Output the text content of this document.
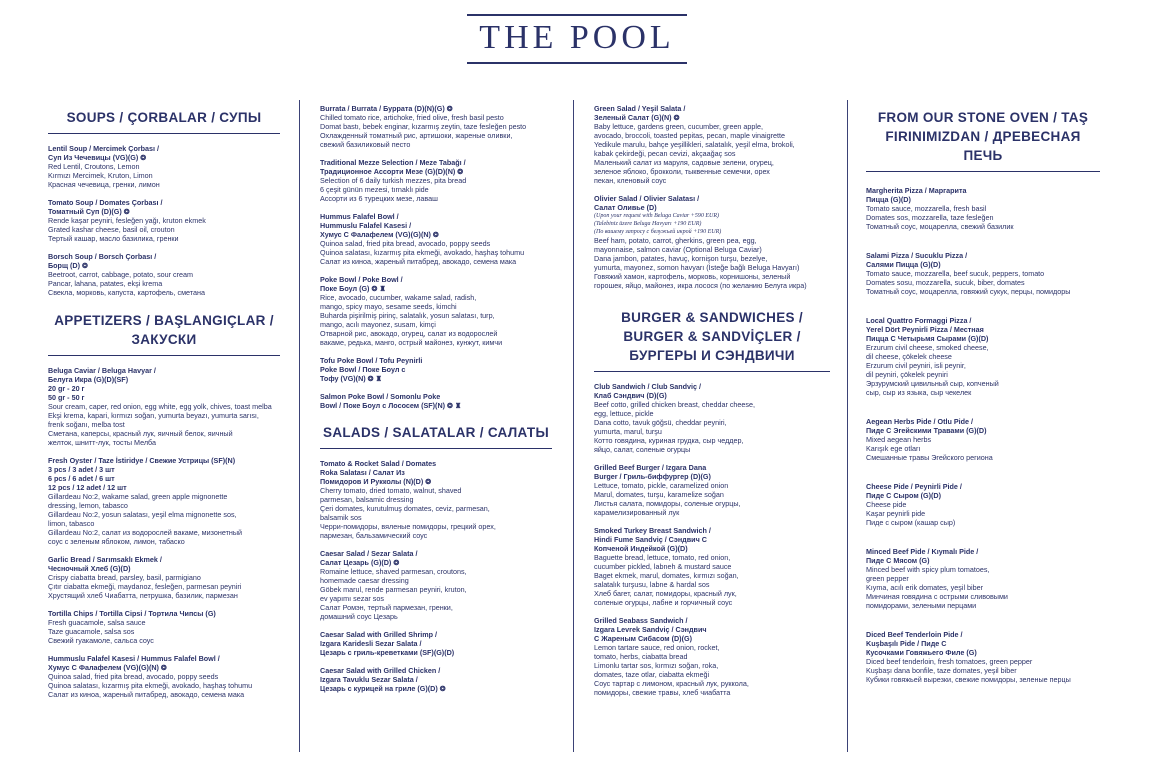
THE POOL
SOUPS / ÇORBALAR / СУПЫ
Lentil Soup / Mercimek Çorbası /
Суп Из Чечевицы (VG)(G) ❂
Red Lentil, Croutons, Lemon
Kırmızı Mercimek, Kruton, Limon
Красная чечевица, гренки, лимон
Tomato Soup / Domates Çorbası /
Томатный Суп (D)(G) ❂
Rende kaşar peyniri, fesleğen yağı, kruton ekmek
Grated kashar cheese, basil oil, crouton
Тертый кашар, масло базилика, гренки
Borsch Soup / Borsch Çorbası /
Борщ (D) ❂
Beetroot, carrot, cabbage, potato, sour cream
Pancar, lahana, patates, ekşi krema
Свекла, морковь, капуста, картофель, сметана
APPETIZERS / BAŞLANGIÇLAR / ЗАКУСКИ
Beluga Caviar / Beluga Havyar /
Белуга Икра (G)(D)(SF)
20 gr - 20 г
50 gr - 50 г
Sour cream, caper, red onion, egg white, egg yolk, chives, toast melba
Ekşi krema, kapari, kırmızı soğan, yumurta beyazı, yumurta sarısı,
frenk soğanı, melba tost
Сметана, каперсы, красный лук, яичный белок, яичный
желток, шнитт-лук, тосты Мелба
Fresh Oyster / Taze İstiridye / Свежие Устрицы (SF)(N)
3 pcs / 3 adet / 3 шт
6 pcs / 6 adet / 6 шт
12 pcs / 12 adet / 12 шт
Gillardeau No:2, wakame salad, green apple mignonette
dressing, lemon, tabasco
Gillardeau No:2, yosun salatası, yeşil elma mignonette sos,
limon, tabasco
Gillardeau No:2, салат из водорослей вакаме, мизонетный
соус с зеленым яблоком, лимон, табаско
Garlic Bread / Sarımsaklı Ekmek /
Чесночный Хлеб (G)(D)
Crispy ciabatta bread, parsley, basil, parmigiano
Çıtır ciabatta ekmeği, maydanoz, fesleğen, parmesan peyniri
Хрустящий хлеб Чиабатта, петрушка, базилик, пармезан
Tortilla Chips / Tortilla Cipsi / Тортила Чипсы (G)
Fresh guacamole, salsa sauce
Taze guacamole, salsa sos
Свежий гуакамоле, сальса соус
Hummuslu Falafel Kasesi / Hummus Falafel Bowl /
Хумус С Фалафелем (VG)(G)(N) ❂
Quinoa salad, fried pita bread, avocado, poppy seeds
Quinoa salatası, kızarmış pita ekmeği, avokado, haşhaş tohumu
Салат из киноа, жареный питабред, авокадо, семена мака
Burrata / Burrata / Буррата (D)(N)(G) ❂
Chilled tomato rice, artichoke, fried olive, fresh basil pesto
Domat bastı, bebek enginar, kızarmış zeytin, taze fesleğen pesto
Охлажденный томатный рис, артишоки, жареные оливки,
свежий базиликовый песто
Traditional Mezze Selection / Meze Tabağı /
Традиционное Ассорти Мезе (G)(D)(N) ❂
Selection of 6 daily turkish mezzes, pita bread
6 çeşit günün mezesi, tırnaklı pide
Ассорти из 6 турецких мезе, лаваш
Hummus Falafel Bowl /
Hummuslu Falafel Kasesi /
Хумус С Фалафелем (VG)(G)(N) ❂
Quinoa salad, fried pita bread, avocado, poppy seeds
Quinoa salatası, kızarmış pita ekmeği, avokado, haşhaş tohumu
Салат из киноа, жареный питабред, авокадо, семена мака
Poke Bowl / Poke Bowl /
Поке Боул (G) ❂ ♜
Rice, avocado, cucumber, wakame salad, radish,
mango, spicy mayo, sesame seeds, kimchi
Buharda pişirilmiş pirinç, salatalık, yosun salatası, turp,
mango, acılı mayonez, susam, kimçi
Отварной рис, авокадо, огурец, салат из водорослей
вакаме, редька, манго, острый майонез, кунжут, кимчи
Tofu Poke Bowl / Tofu Peynirli
Poke Bowl / Поке Боул с
Тофу (VG)(N) ❂ ♜
Salmon Poke Bowl / Somonlu Poke
Bowl / Поке Боул с Лососем (SF)(N) ❂ ♜
SALADS / SALATALAR / САЛАТЫ
Tomato & Rocket Salad / Domates
Roka Salatası / Салат Из
Помидоров И Рукколы (N)(D) ❂
Cherry tomato, dried tomato, walnut, shaved
parmesan, balsamic dressing
Çeri domates, kurutulmuş domates, ceviz, parmesan,
balsamik sos
Черри-помидоры, вяленые помидоры, грецкий орех,
пармезан, бальзамический соус
Caesar Salad / Sezar Salata /
Салат Цезарь (G)(D) ❂
Romaine lettuce, shaved parmesan, croutons,
homemade caesar dressing
Göbek marul, rende parmesan peyniri, kruton,
ev yapımı sezar sos
Салат Ромэн, тертый пармезан, гренки,
домашний соус Цезарь
Caesar Salad with Grilled Shrimp /
Izgara Karidesli Sezar Salata /
Цезарь с гриль-креветками (SF)(G)(D)
Caesar Salad with Grilled Chicken /
Izgara Tavuklu Sezar Salata /
Цезарь с курицей на гриле (G)(D) ❂
Green Salad / Yeşil Salata /
Зеленый Салат (G)(N) ❂
Baby lettuce, gardens green, cucumber, green apple,
avocado, broccoli, toasted pepitas, pecan, maple vinaigrette
Yedikule marulu, bahçe yeşillikleri, salatalık, yeşil elma, brokoli,
kabak çekirdeği, pecan cevizi, akçaağaç sos
Маленький салат из маруля, садовые зелени, огурец,
зеленое яблоко, брокколи, тыквенные семечки, орех
пекан, кленовый соус
Olivier Salad / Olivier Salatası /
Салат Оливье (D)
(Upon your request with Beluga Caviar +590 EUR)
(Talebiniz üzere Beluga Havyarı +190 EUR)
(По вашему запросу с белужьей икрой +190 EUR)
Beef ham, potato, carrot, gherkins, green pea, egg,
mayonnaise, salmon caviar (Optional Beluga Caviar)
Dana jambon, patates, havuç, kornişon turşu, bezelye,
yumurta, mayonez, somon havyarı (İsteğe bağlı Beluga Havyarı)
Говяжий хамон, картофель, морковь, корнишоны, зеленый
горошек, яйцо, майонез, икра лосося (по желанию Белуга икра)
BURGER & SANDWICHES / BURGER & SANDVİÇLER / БУРГЕРЫ И СЭНДВИЧИ
Club Sandwich / Club Sandviç /
Клаб Сэндвич (D)(G)
Beef cotto, grilled chicken breast, cheddar cheese,
egg, lettuce, pickle
Dana cotto, tavuk göğsü, cheddar peyniri,
yumurta, marul, turşu
Котто говядина, куриная грудка, сыр чеддер,
яйцо, салат, соленые огурцы
Grilled Beef Burger / Izgara Dana
Burger / Гриль-биффургер (D)(G)
Lettuce, tomato, pickle, caramelized onion
Marul, domates, turşu, karamelize soğan
Листья салата, помидоры, соленые огурцы,
карамелизированный лук
Smoked Turkey Breast Sandwich /
Hindi Fume Sandviç / Сэндвич С
Копченой Индейкой (G)(D)
Baguette bread, lettuce, tomato, red onion,
cucumber pickled, labneh & mustard sauce
Baget ekmek, marul, domates, kırmızı soğan,
salatalık turşusu, labne & hardal sos
Хлеб багет, салат, помидоры, красный лук,
соленые огурцы, лабне и горчичный соус
Grilled Seabass Sandwich /
Izgara Levrek Sandviç / Сэндвич
С Жареным Сибасом (D)(G)
Lemon tartare sauce, red onion, rocket,
tomato, herbs, ciabatta bread
Limonlu tartar sos, kırmızı soğan, roka,
domates, taze otlar, ciabatta ekmeği
Соус тартар с лимоном, красный лук, руккола,
помидоры, свежие травы, хлеб чиабатта
FROM OUR STONE OVEN / TAŞ FIRINIMIZDAN / ДРЕВЕСНАЯ ПЕЧЬ
Margherita Pizza / Маргарита
Пицца (G)(D)
Tomato sauce, mozzarella, fresh basil
Domates sos, mozzarella, taze fesleğen
Томатный соус, моцарелла, свежий базилик
Salami Pizza / Sucuklu Pizza /
Салями Пицца (G)(D)
Tomato sauce, mozzarella, beef sucuk, peppers, tomato
Domates sosu, mozzarella, sucuk, biber, domates
Томатный соус, моцарелла, говяжий сукук, перцы, помидоры
Local Quattro Formaggi Pizza /
Yerel Dört Peynirli Pizza / Местная
Пицца С Четырьмя Сырами (G)(D)
Erzurum civil cheese, smoked cheese,
dil cheese, çökelek cheese
Erzurum civil peyniri, isli peynir,
dil peyniri, çökelek peyniri
Эрзурумский цивильный сыр, копченый
сыр, сыр из языка, сыр чекелек
Aegean Herbs Pide / Otlu Pide /
Пиде С Эгейскими Травами (G)(D)
Mixed aegean herbs
Karışık ege otları
Смешанные травы Эгейского региона
Cheese Pide / Peynirli Pide /
Пиде С Сыром (G)(D)
Cheese pide
Kaşar peynirli pide
Пиде с сыром (кашар сыр)
Minced Beef Pide / Kıymalı Pide /
Пиде С Мясом (G)
Minced beef with spicy plum tomatoes,
green pepper
Kıyma, acılı erik domates, yeşil biber
Минчиная говядина с острыми сливовыми
помидорами, зелеными перцами
Diced Beef Tenderloin Pide /
Kuşbaşılı Pide / Пиде С
Кусочками Говяжьего Филе (G)
Diced beef tenderloin, fresh tomatoes, green pepper
Kuşbaşı dana bonfile, taze domates, yeşil biber
Кубики говяжьей вырезки, свежие помидоры, зеленые перцы
